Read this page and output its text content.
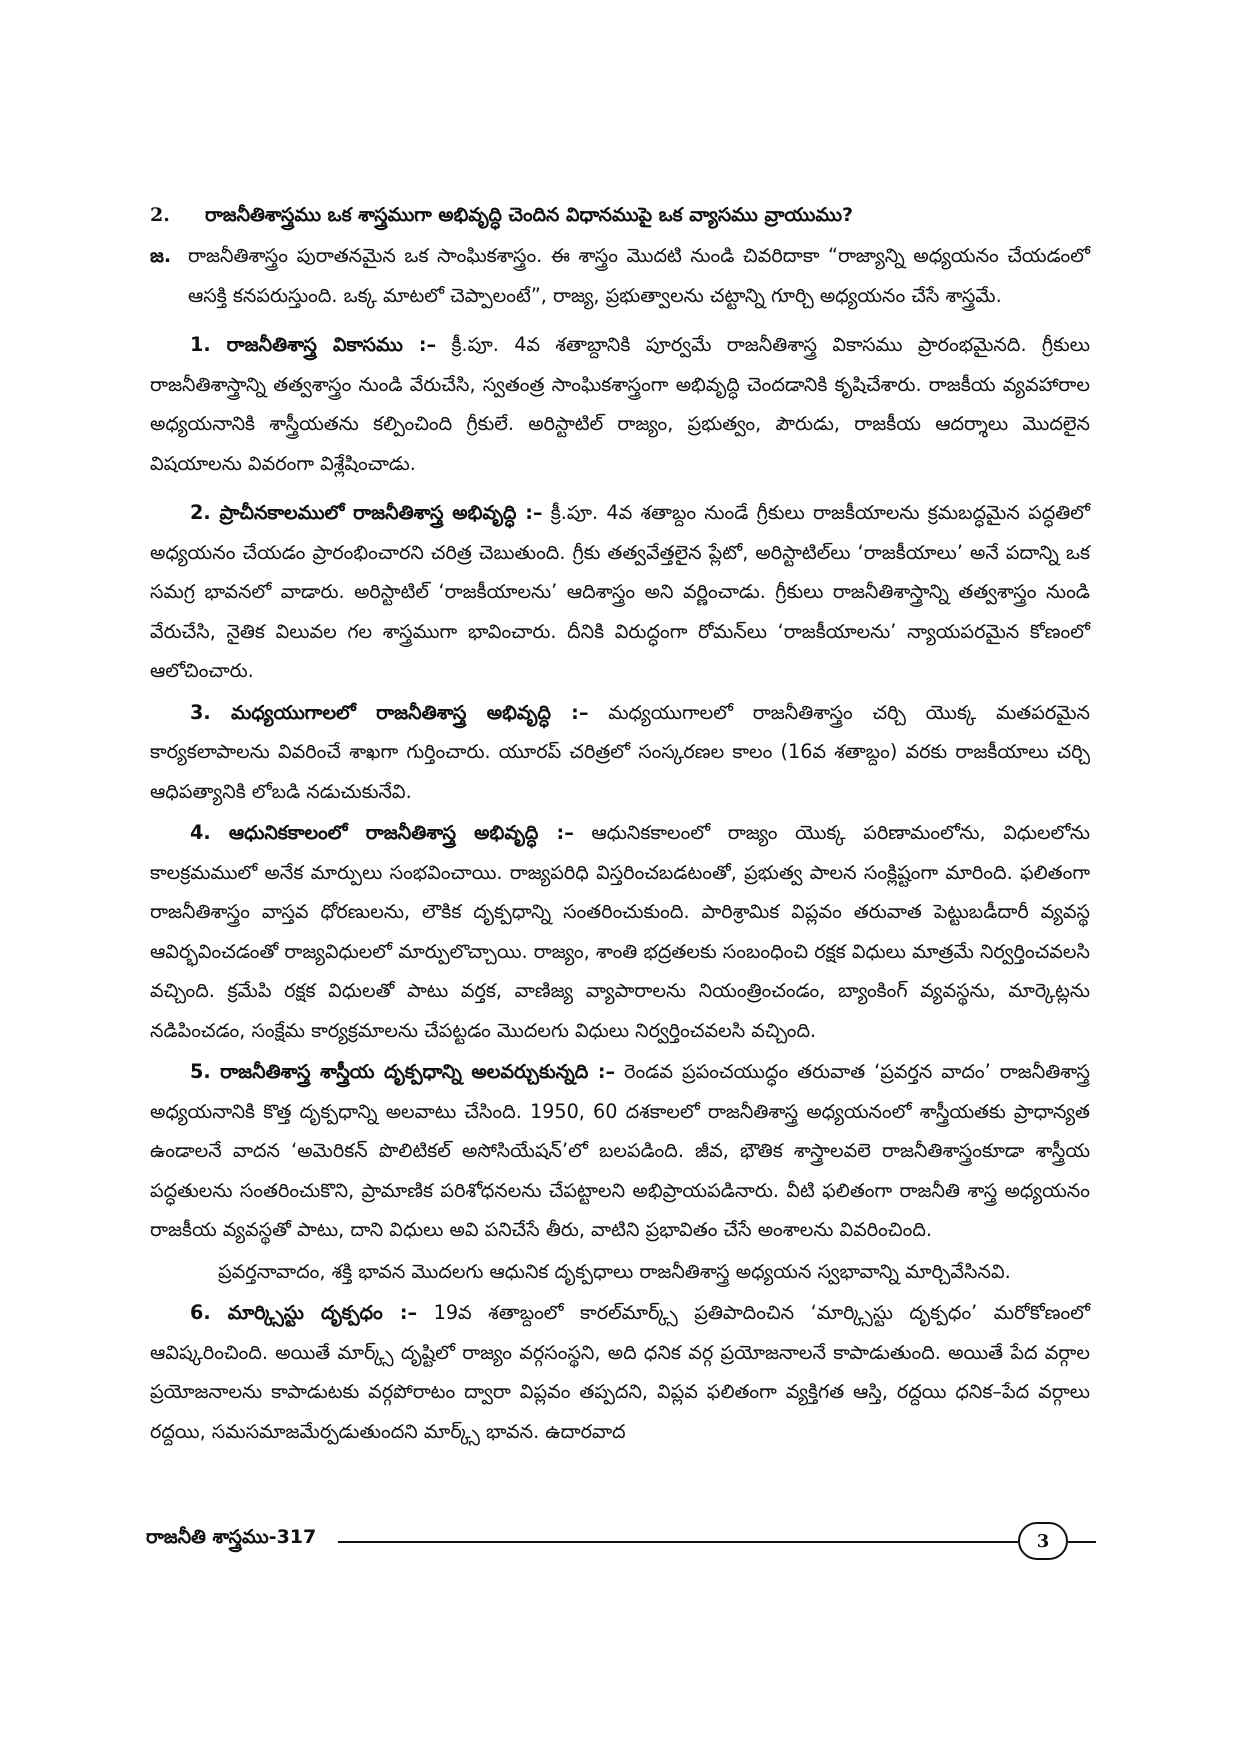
2.	రాజనీతిశాస్త్రము ఒక శాస్త్రముగా అభివృద్ధి చెందిన విధానముపై ఒక వ్యాసము వ్రాయుము?
జ. రాజనీతిశాస్త్రం పురాతనమైన ఒక సాంఘికశాస్త్రం. ఈ శాస్త్రం మొదటి నుండి చివరిదాకా “రాజ్యాన్ని అధ్యయనం చేయడంలో ఆసక్తి కనపరుస్తుంది. ఒక్క మాటలో చెప్పాలంటే”, రాజ్య, ప్రభుత్వాలను చట్టాన్ని గూర్చి అధ్యయనం చేసే శాస్త్రమే.

1. రాజనీతిశాస్త్ర వికాసము :– క్రీ.పూ. 4వ శతాబ్దానికి పూర్వమే రాజనీతిశాస్త్ర వికాసము ప్రారంభమైనది. గ్రీకులు రాజనీతిశాస్త్రాన్ని తత్వశాస్త్రం నుండి వేరుచేసి, స్వతంత్ర సాంఘికశాస్త్రంగా అభివృద్ధి చెందడానికి కృషిచేశారు. రాజకీయ వ్యవహారాల అధ్యయనానికి శాస్త్రీయతను కల్పించింది గ్రీకులే. అరిస్టాటిల్ రాజ్యం, ప్రభుత్వం, పౌరుడు, రాజకీయ ఆదర్శాలు మొదలైన విషయాలను వివరంగా విశ్లేషించాడు.

2. ప్రాచీనకాలములో రాజనీతిశాస్త్ర అభివృద్ధి :– క్రీ.పూ. 4వ శతాబ్దం నుండే గ్రీకులు రాజకీయాలను క్రమబద్ధమైన పద్ధతిలో అధ్యయనం చేయడం ప్రారంభించారని చరిత్ర చెబుతుంది. గ్రీకు తత్వవేత్తలైన ప్లేటో, అరిస్టాటిల్‌లు ‘రాజకీయాలు’ అనే పదాన్ని ఒక సమగ్ర భావనలో వాడారు. అరిస్టాటిల్ ‘రాజకీయాలను’ ఆదిశాస్త్రం అని వర్ణించాడు. గ్రీకులు రాజనీతిశాస్త్రాన్ని తత్వశాస్త్రం నుండి వేరుచేసి, నైతిక విలువల గల శాస్త్రముగా భావించారు. దీనికి విరుద్ధంగా రోమన్‌లు ‘రాజకీయాలను’ న్యాయపరమైన కోణంలో ఆలోచించారు.

3. మధ్యయుగాలలో రాజనీతిశాస్త్ర అభివృద్ధి :– మధ్యయుగాలలో రాజనీతిశాస్త్రం చర్చి యొక్క మతపరమైన కార్యకలాపాలను వివరించే శాఖగా గుర్తించారు. యూరప్ చరిత్రలో సంస్కరణల కాలం (16వ శతాబ్దం) వరకు రాజకీయాలు చర్చి ఆధిపత్యానికి లోబడి నడుచుకునేవి.

4. ఆధునికకాలంలో రాజనీతిశాస్త్ర అభివృద్ధి :– ఆధునికకాలంలో రాజ్యం యొక్క పరిణామంలోను, విధులలోను కాలక్రమములో అనేక మార్పులు సంభవించాయి. రాజ్యపరిధి విస్తరించబడటంతో, ప్రభుత్వ పాలన సంక్లిష్టంగా మారింది. ఫలితంగా రాజనీతిశాస్త్రం వాస్తవ ధోరణులను, లౌకిక దృక్పధాన్ని సంతరించుకుంది. పారిశ్రామిక విప్లవం తరువాత పెట్టుబడీదారీ వ్యవస్థ ఆవిర్భవించడంతో రాజ్యవిధులలో మార్పులొచ్చాయి. రాజ్యం, శాంతి భద్రతలకు సంబంధించి రక్షక విధులు మాత్రమే నిర్వర్తించవలసి వచ్చింది. క్రమేపి రక్షక విధులతో పాటు వర్తక, వాణిజ్య వ్యాపారాలను నియంత్రించండం, బ్యాంకింగ్ వ్యవస్థను, మార్కెట్లను నడిపించడం, సంక్షేమ కార్యక్రమాలను చేపట్టడం మొదలగు విధులు నిర్వర్తించవలసి వచ్చింది.

5. రాజనీతిశాస్త్ర శాస్త్రీయ దృక్పధాన్ని అలవర్చుకున్నది :– రెండవ ప్రపంచయుద్ధం తరువాత ‘ప్రవర్తన వాదం’ రాజనీతిశాస్త్ర అధ్యయనానికి కొత్త దృక్పధాన్ని అలవాటు చేసింది. 1950, 60 దశకాలలో రాజనీతిశాస్త్ర అధ్యయనంలో శాస్త్రీయతకు ప్రాధాన్యత ఉండాలనే వాదన ‘అమెరికన్ పొలిటికల్ అసోసియేషన్’లో బలపడింది. జీవ, భౌతిక శాస్త్రాలవలె రాజనీతిశాస్త్రంకూడా శాస్త్రీయ పద్ధతులను సంతరించుకొని, ప్రామాణిక పరిశోధనలను చేపట్టాలని అభిప్రాయపడినారు. వీటి ఫలితంగా రాజనీతి శాస్త్ర అధ్యయనం రాజకీయ వ్యవస్థతో పాటు, దాని విధులు అవి పనిచేసే తీరు, వాటిని ప్రభావితం చేసే అంశాలను వివరించింది.

ప్రవర్తనావాదం, శక్తి భావన మొదలగు ఆధునిక దృక్పధాలు రాజనీతిశాస్త్ర అధ్యయన స్వభావాన్ని మార్చివేసినవి.

6. మార్క్సిస్టు దృక్పధం :– 19వ శతాబ్దంలో కారల్‌మార్క్స్ ప్రతిపాదించిన ‘మార్క్సిస్టు దృక్పధం’ మరోకోణంలో ఆవిష్కరించింది. అయితే మార్క్స్ దృష్టిలో రాజ్యం వర్గసంస్థని, అది ధనిక వర్గ ప్రయోజనాలనే కాపాడుతుంది. అయితే పేద వర్గాల ప్రయోజనాలను కాపాడుటకు వర్గపోరాటం ద్వారా విప్లవం తప్పదని, విప్లవ ఫలితంగా వ్యక్తిగత ఆస్తి, రద్దయి ధనిక–పేద వర్గాలు రద్దయి, సమసమాజమేర్పడుతుందని మార్క్స్ భావన. ఉదారవాద

రాజనీతి శాస్త్రము-317	3
